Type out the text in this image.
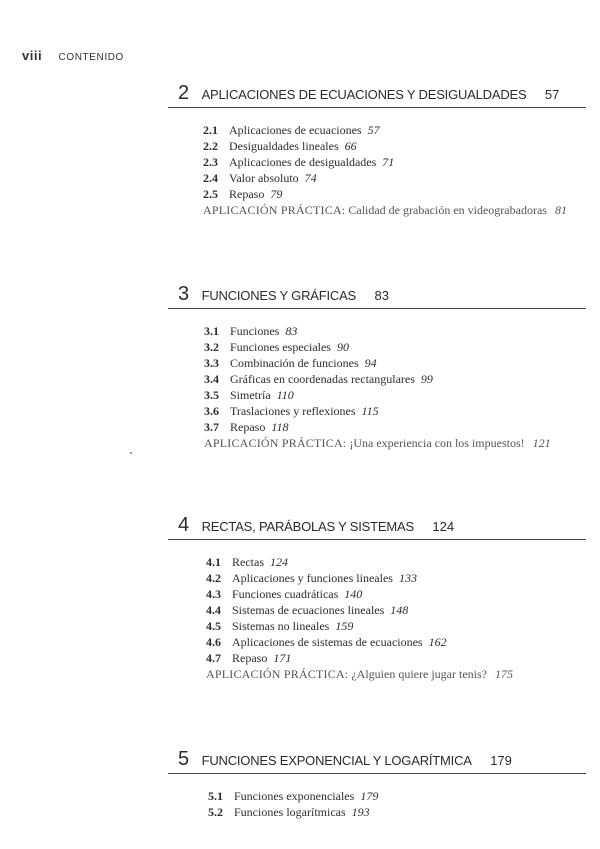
viii CONTENIDO
2 APLICACIONES DE ECUACIONES Y DESIGUALDADES 57
2.1 Aplicaciones de ecuaciones 57
2.2 Desigualdades lineales 66
2.3 Aplicaciones de desigualdades 71
2.4 Valor absoluto 74
2.5 Repaso 79
APLICACIÓN PRÁCTICA: Calidad de grabación en videograbadoras 81
3 FUNCIONES Y GRÁFICAS 83
3.1 Funciones 83
3.2 Funciones especiales 90
3.3 Combinación de funciones 94
3.4 Gráficas en coordenadas rectangulares 99
3.5 Simetría 110
3.6 Traslaciones y reflexiones 115
3.7 Repaso 118
APLICACIÓN PRÁCTICA: ¡Una experiencia con los impuestos! 121
4 RECTAS, PARÁBOLAS Y SISTEMAS 124
4.1 Rectas 124
4.2 Aplicaciones y funciones lineales 133
4.3 Funciones cuadráticas 140
4.4 Sistemas de ecuaciones lineales 148
4.5 Sistemas no lineales 159
4.6 Aplicaciones de sistemas de ecuaciones 162
4.7 Repaso 171
APLICACIÓN PRÁCTICA: ¿Alguien quiere jugar tenis? 175
5 FUNCIONES EXPONENCIAL Y LOGARÍTMICA 179
5.1 Funciones exponenciales 179
5.2 Funciones logarítmicas 193
